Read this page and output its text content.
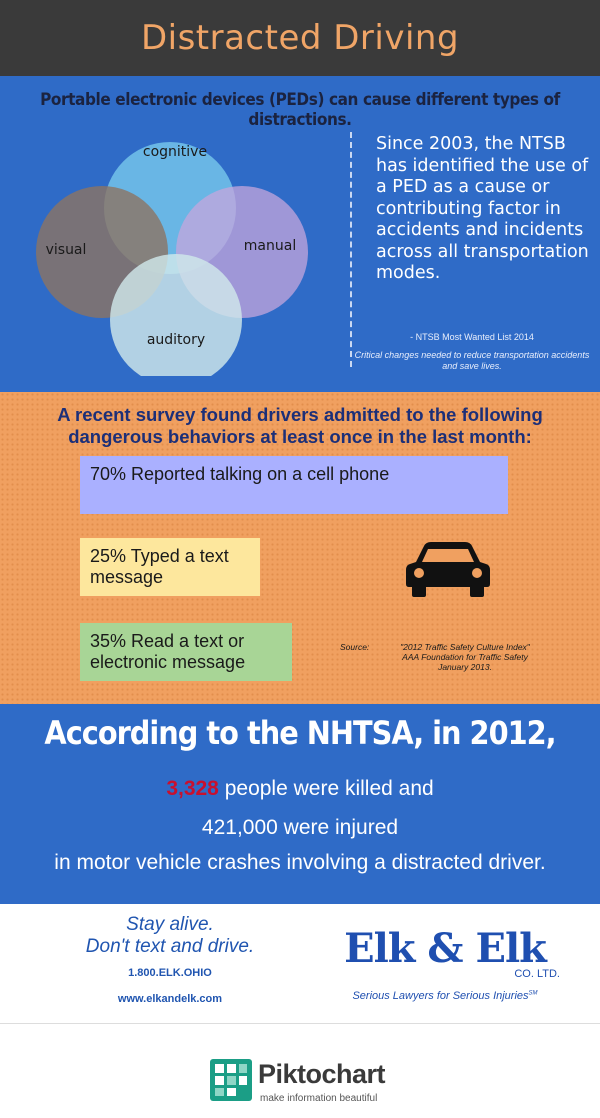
Distracted Driving
Portable electronic devices (PEDs) can cause different types of distractions.
cognitive
visual	manual
auditory
Since 2003, the NTSB has identified the use of a PED as a cause or contributing factor in accidents and incidents across all transportation modes.
- NTSB Most Wanted List 2014
Critical changes needed to reduce transportation accidents and save lives.
A recent survey found drivers admitted to the following dangerous behaviors at least once in the last month:
70% Reported talking on a cell phone
25% Typed a text message
35% Read a text or electronic message
Source:	"2012 Traffic Safety Culture Index"
AAA Foundation for Traffic Safety
January 2013.
According to the NHTSA, in 2012,
3,328 people were killed and
421,000 were injured
in motor vehicle crashes involving a distracted driver.
Stay alive.
Don't text and drive.
1.800.ELK.OHIO
www.elkandelk.com
Elk & Elk
CO. LTD.
Serious Lawyers for Serious Injuries℠
Piktochart
make information beautiful
